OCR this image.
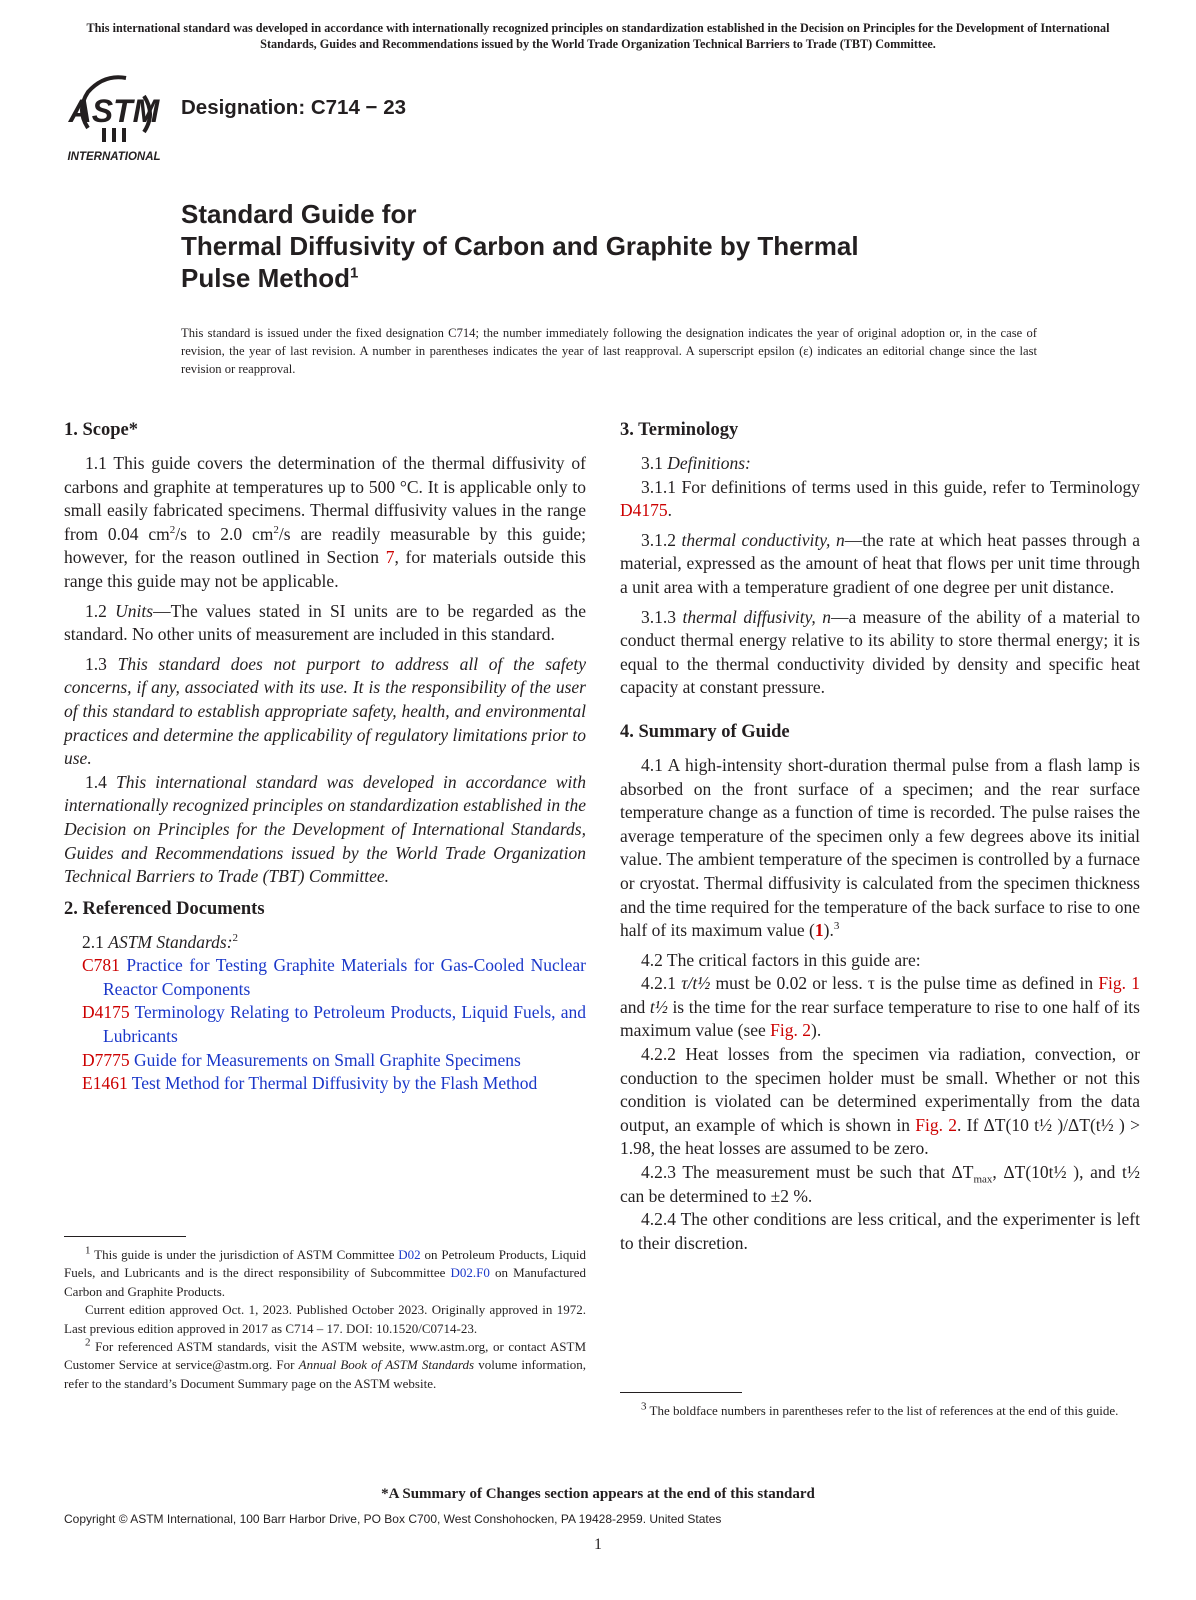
This international standard was developed in accordance with internationally recognized principles on standardization established in the Decision on Principles for the Development of International Standards, Guides and Recommendations issued by the World Trade Organization Technical Barriers to Trade (TBT) Committee.
ASTM
INTERNATIONAL
Designation: C714 − 23
Standard Guide for
Thermal Diffusivity of Carbon and Graphite by Thermal
Pulse Method$^1$
This standard is issued under the fixed designation C714; the number immediately following the designation indicates the year of original adoption or, in the case of revision, the year of last revision. A number in parentheses indicates the year of last reapproval. A superscript epsilon (ε) indicates an editorial change since the last revision or reapproval.
1. Scope*

1.1 This guide covers the determination of the thermal diffusivity of carbons and graphite at temperatures up to 500 °C. It is applicable only to small easily fabricated specimens. Thermal diffusivity values in the range from 0.04 $cm^2/s$ to 2.0 $cm^2/s$ are readily measurable by this guide; however, for the reason outlined in Section 7, for materials outside this range this guide may not be applicable.

1.2 Units—The values stated in SI units are to be regarded as the standard. No other units of measurement are included in this standard.

1.3 This standard does not purport to address all of the safety concerns, if any, associated with its use. It is the responsibility of the user of this standard to establish appropriate safety, health, and environmental practices and determine the applicability of regulatory limitations prior to use.

1.4 This international standard was developed in accordance with internationally recognized principles on standardization established in the Decision on Principles for the Development of International Standards, Guides and Recommendations issued by the World Trade Organization Technical Barriers to Trade (TBT) Committee.

2. Referenced Documents

2.1 ASTM Standards:$^2$

C781 Practice for Testing Graphite Materials for Gas-Cooled Nuclear Reactor Components

D4175 Terminology Relating to Petroleum Products, Liquid Fuels, and Lubricants

D7775 Guide for Measurements on Small Graphite Specimens

E1461 Test Method for Thermal Diffusivity by the Flash Method

$^1$ This guide is under the jurisdiction of ASTM Committee D02 on Petroleum Products, Liquid Fuels, and Lubricants and is the direct responsibility of Subcommittee D02.F0 on Manufactured Carbon and Graphite Products.

Current edition approved Oct. 1, 2023. Published October 2023. Originally approved in 1972. Last previous edition approved in 2017 as C714 – 17. DOI: 10.1520/C0714-23.

$^2$ For referenced ASTM standards, visit the ASTM website, www.astm.org, or contact ASTM Customer Service at service@astm.org. For Annual Book of ASTM Standards volume information, refer to the standard’s Document Summary page on the ASTM website.

3. Terminology

3.1 Definitions:

3.1.1 For definitions of terms used in this guide, refer to Terminology D4175.

3.1.2 thermal conductivity, n—the rate at which heat passes through a material, expressed as the amount of heat that flows per unit time through a unit area with a temperature gradient of one degree per unit distance.

3.1.3 thermal diffusivity, n—a measure of the ability of a material to conduct thermal energy relative to its ability to store thermal energy; it is equal to the thermal conductivity divided by density and specific heat capacity at constant pressure.

4. Summary of Guide

4.1 A high-intensity short-duration thermal pulse from a flash lamp is absorbed on the front surface of a specimen; and the rear surface temperature change as a function of time is recorded. The pulse raises the average temperature of the specimen only a few degrees above its initial value. The ambient temperature of the specimen is controlled by a furnace or cryostat. Thermal diffusivity is calculated from the specimen thickness and the time required for the temperature of the back surface to rise to one half of its maximum value (1).$^3$

4.2 The critical factors in this guide are:

4.2.1 τ/t½ must be 0.02 or less. τ is the pulse time as defined in Fig. 1 and t½ is the time for the rear surface temperature to rise to one half of its maximum value (see Fig. 2).

4.2.2 Heat losses from the specimen via radiation, convection, or conduction to the specimen holder must be small. Whether or not this condition is violated can be determined experimentally from the data output, an example of which is shown in Fig. 2. If ΔT(10 t½ )/ΔT(t½ ) > 1.98, the heat losses are assumed to be zero.

4.2.3 The measurement must be such that $\Delta T_{max}$, ΔT(10t½ ), and t½ can be determined to ±2 %.

4.2.4 The other conditions are less critical, and the experimenter is left to their discretion.

$^3$ The boldface numbers in parentheses refer to the list of references at the end of this guide.

*A Summary of Changes section appears at the end of this standard
Copyright © ASTM International, 100 Barr Harbor Drive, PO Box C700, West Conshohocken, PA 19428-2959. United States
1
